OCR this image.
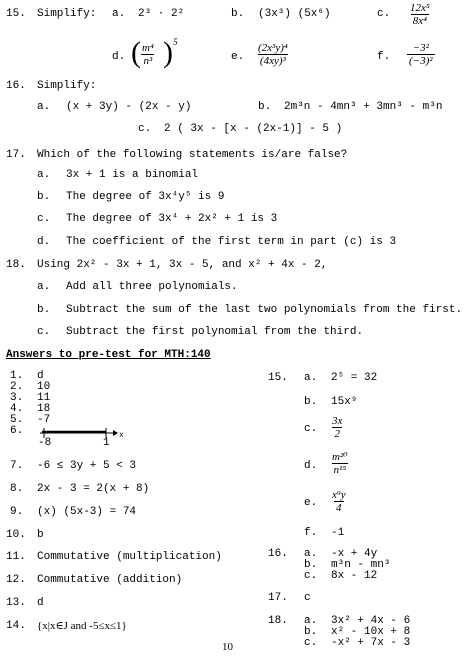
15. Simplify: a. 2³ · 2²	b. (3x³) (5x⁶)	c. $\frac{\text{12x⁵}}{\text{8x⁴}}$
d. ( $\frac{\text{m⁴}}{\text{n³}}$ ) 5
e. $\frac{\text{(2x³y)⁴}}{\text{(4xy)³}}$	f. $\frac{\text{−3²}}{\text{(−3)²}}$
16. Simplify:
a. (x + 3y) - (2x - y)	b. 2m³n - 4mn³ + 3mn³ - m³n
c. 2 ( 3x - [x - (2x-1)] - 5 )
17. Which of the following statements is/are false?
a. 3x + 1 is a binomial
b. The degree of 3x⁴y⁵ is 9
c. The degree of 3x⁴ + 2x² + 1 is 3
d. The coefficient of the first term in part (c) is 3
18. Using 2x² - 3x + 1, 3x - 5, and x² + 4x - 2,
a. Add all three polynomials.
b. Subtract the sum of the last two polynomials from the first.
c. Subtract the first polynomial from the third.
Answers to pre-test for MTH:140
1. d
2. 10
3. 11
4. 18
5. -7
6.
-8	1
x
7. -6 ≤ 3y + 5 < 3
8. 2x - 3 = 2(x + 8)
9. (x) (5x-3) = 74
10. b
11. Commutative (multiplication)
12. Commutative (addition)
13. d
14. {x|x∈J and -5≤x≤1}
15. a. 2⁵ = 32
b. 15x⁹
c. $\frac{3x}{2}$
d. $\frac{\text{m²⁰}}{\text{n¹⁵}}$
e. $\frac{\text{x⁹y}}{4}$
f. -1
16. a. -x + 4y
b. m³n - mn³
c. 8x - 12
17. c
18. a. 3x² + 4x - 6
b. x² - 10x + 8
c. -x² + 7x - 3
10
